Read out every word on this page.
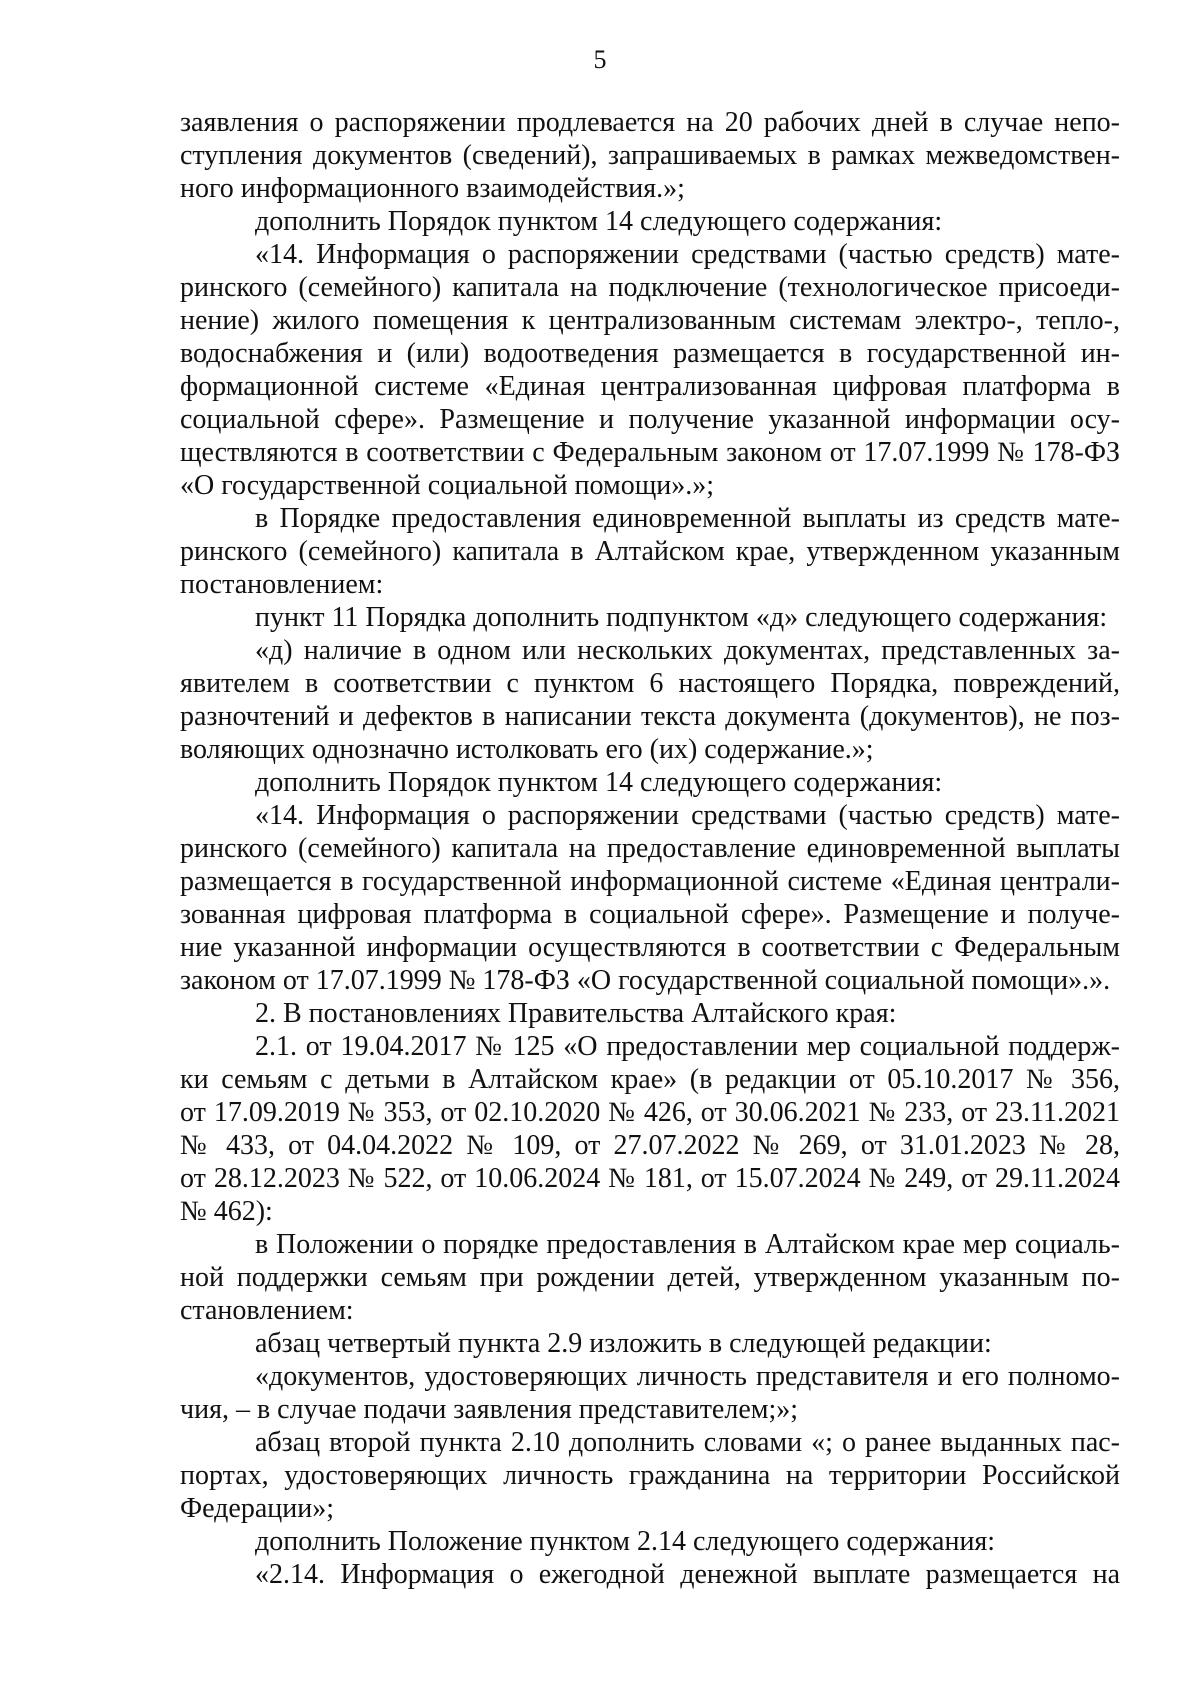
5
заявления о распоряжении продлевается на 20 рабочих дней в случае непо-
ступления документов (сведений), запрашиваемых в рамках межведомствен-
ного информационного взаимодействия.»;
дополнить Порядок пунктом 14 следующего содержания:
«14. Информация о распоряжении средствами (частью средств) мате-
ринского (семейного) капитала на подключение (технологическое присоеди-
нение) жилого помещения к централизованным системам электро-, тепло-,
водоснабжения и (или) водоотведения размещается в государственной ин-
формационной системе «Единая централизованная цифровая платформа в
социальной сфере». Размещение и получение указанной информации осу-
ществляются в соответствии с Федеральным законом от 17.07.1999 № 178-ФЗ
«О государственной социальной помощи».»;
в Порядке предоставления единовременной выплаты из средств мате-
ринского (семейного) капитала в Алтайском крае, утвержденном указанным
постановлением:
пункт 11 Порядка дополнить подпунктом «д» следующего содержания:
«д) наличие в одном или нескольких документах, представленных за-
явителем в соответствии с пунктом 6 настоящего Порядка, повреждений,
разночтений и дефектов в написании текста документа (документов), не поз-
воляющих однозначно истолковать его (их) содержание.»;
дополнить Порядок пунктом 14 следующего содержания:
«14. Информация о распоряжении средствами (частью средств) мате-
ринского (семейного) капитала на предоставление единовременной выплаты
размещается в государственной информационной системе «Единая централи-
зованная цифровая платформа в социальной сфере». Размещение и получе-
ние указанной информации осуществляются в соответствии с Федеральным
законом от 17.07.1999 № 178-ФЗ «О государственной социальной помощи».».
2. В постановлениях Правительства Алтайского края:
2.1. от 19.04.2017 № 125 «О предоставлении мер социальной поддерж-
ки семьям с детьми в Алтайском крае» (в редакции от 05.10.2017 № 356,
от 17.09.2019 № 353, от 02.10.2020 № 426, от 30.06.2021 № 233, от 23.11.2021
№ 433, от 04.04.2022 № 109, от 27.07.2022 № 269, от 31.01.2023 № 28,
от 28.12.2023 № 522, от 10.06.2024 № 181, от 15.07.2024 № 249, от 29.11.2024
№ 462):
в Положении о порядке предоставления в Алтайском крае мер социаль-
ной поддержки семьям при рождении детей, утвержденном указанным по-
становлением:
абзац четвертый пункта 2.9 изложить в следующей редакции:
«документов, удостоверяющих личность представителя и его полномо-
чия, – в случае подачи заявления представителем;»;
абзац второй пункта 2.10 дополнить словами «; о ранее выданных пас-
портах, удостоверяющих личность гражданина на территории Российской
Федерации»;
дополнить Положение пунктом 2.14 следующего содержания:
«2.14. Информация о ежегодной денежной выплате размещается на
